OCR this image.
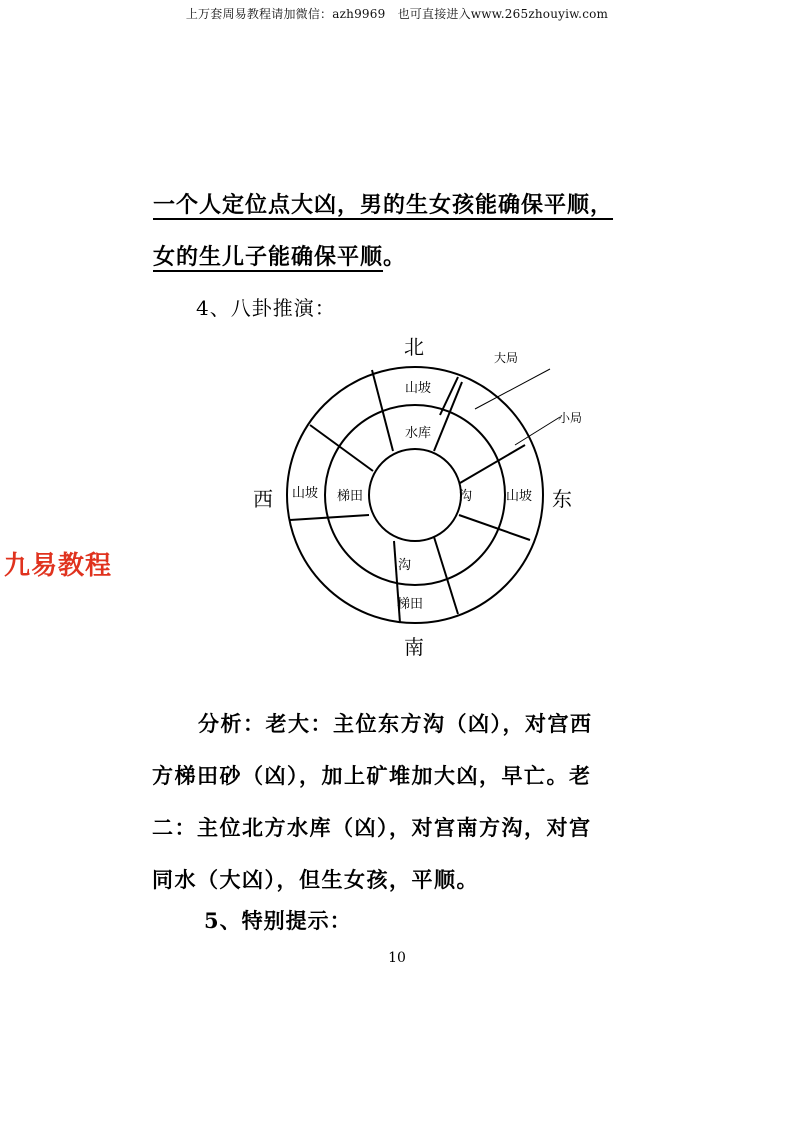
上万套周易教程请加微信：azh9969　也可直接进入www.265zhouyiw.com
一个人定位点大凶，男的生女孩能确保平顺，
女的生儿子能确保平顺。
4、八卦推演：
北
西	东
南
大局
小局
山坡
水库
山坡 梯田	沟	山坡
沟
梯田
九易教程
分析：老大：主位东方沟（凶），对宫西
方梯田砂（凶），加上矿堆加大凶，早亡。老
二：主位北方水库（凶），对宫南方沟，对宫
同水（大凶），但生女孩，平顺。
5、特别提示：
10
